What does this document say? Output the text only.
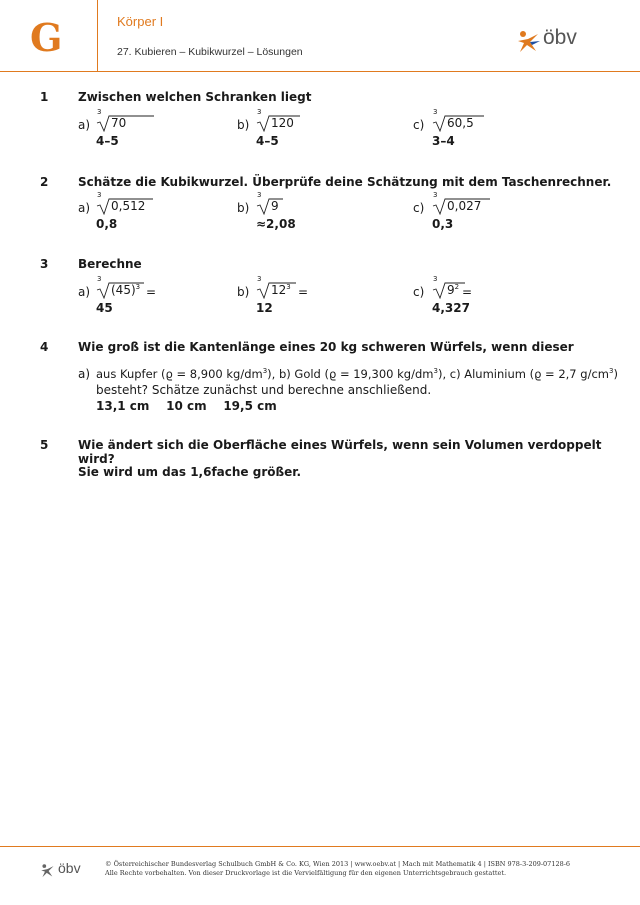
G	Körper I
27. Kubieren – Kubikwurzel – Lösungen
öbv
1 Zwischen welchen Schranken liegt
a)
3
70
4–5
b)
3
120
4–5
c)
3
60,5
3–4
2 Schätze die Kubikwurzel. Überprüfe deine Schätzung mit dem Taschenrechner.
a)
3
0,512
0,8
b)
3
9
≈2,08
c)
3
0,027
0,3
3 Berechne
a)
3
$(45)^3$ =
45
b)
3
$12^3$ =
12
c)
3
$9^2$ =
4,327
4 Wie groß ist die Kantenlänge eines 20 kg schweren Würfels, wenn dieser
a) aus Kupfer (ϱ = 8,900 $kg/dm^3$), b) Gold (ϱ = 19,300 $kg/dm^3$), c) Aluminium (ϱ = 2,7 $g/cm^3$)
besteht? Schätze zunächst und berechne anschließend.
13,1 cm    10 cm    19,5 cm
5 Wie ändert sich die Oberfläche eines Würfels, wenn sein Volumen verdoppelt wird?
Sie wird um das 1,6fache größer.
öbv	© Österreichischer Bundesverlag Schulbuch GmbH & Co. KG, Wien 2013 | www.oebv.at | Mach mit Mathematik 4 | ISBN 978-3-209-07128-6
Alle Rechte vorbehalten. Von dieser Druckvorlage ist die Vervielfältigung für den eigenen Unterrichtsgebrauch gestattet.
